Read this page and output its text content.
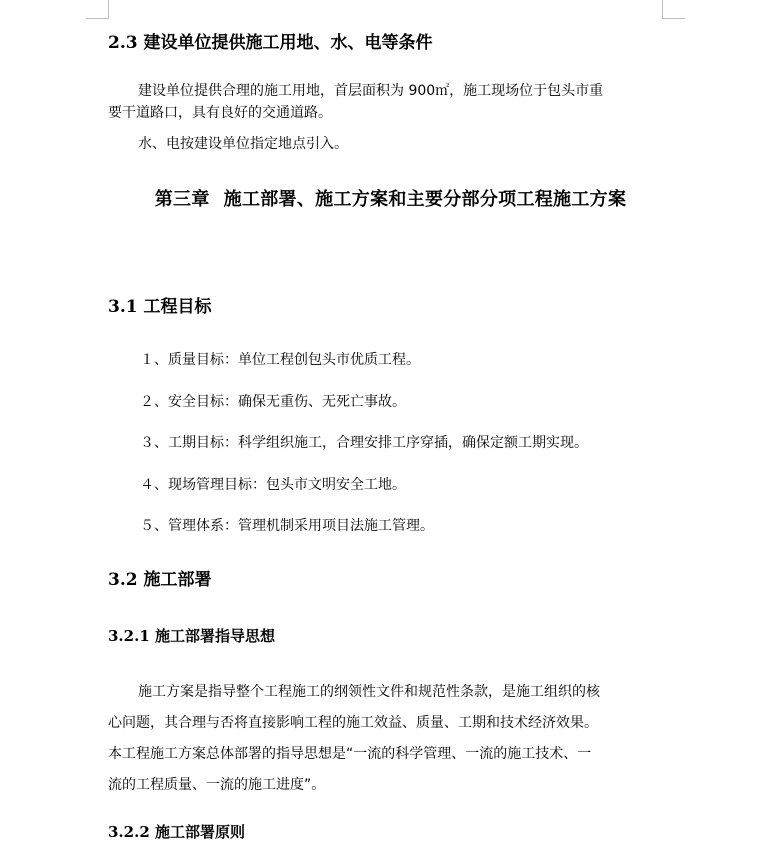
2.3 建设单位提供施工用地、水、电等条件
建设单位提供合理的施工用地，首层面积为 900㎡，施工现场位于包头市重
要干道路口，具有良好的交通道路。
水、电按建设单位指定地点引入。
第三章 施工部署、施工方案和主要分部分项工程施工方案
3.1 工程目标
１、质量目标：单位工程创包头市优质工程。
２、安全目标：确保无重伤、无死亡事故。
３、工期目标：科学组织施工，合理安排工序穿插，确保定额工期实现。
４、现场管理目标：包头市文明安全工地。
５、管理体系：管理机制采用项目法施工管理。
3.2 施工部署
3.2.1 施工部署指导思想
施工方案是指导整个工程施工的纲领性文件和规范性条款，是施工组织的核
心问题，其合理与否将直接影响工程的施工效益、质量、工期和技术经济效果。
本工程施工方案总体部署的指导思想是“一流的科学管理、一流的施工技术、一
流的工程质量、一流的施工进度”。
3.2.2 施工部署原则
